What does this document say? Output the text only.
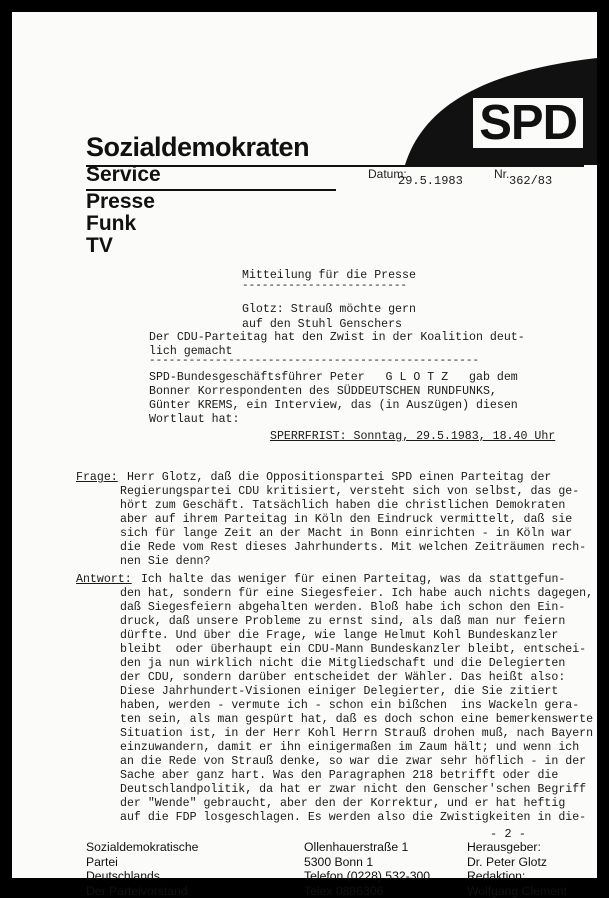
SPD
Sozialdemokraten
Service
Presse
Funk
TV
Datum:
29.5.1983	Nr. 362/83
Mitteilung für die Presse
-------------------------
Glotz: Strauß möchte gern
auf den Stuhl Genschers
Der CDU-Parteitag hat den Zwist in der Koalition deut-
lich gemacht
--------------------------------------------------
SPD-Bundesgeschäftsführer Peter   G L O T Z   gab dem
Bonner Korrespondenten des SÜDDEUTSCHEN RUNDFUNKS,
Günter KREMS, ein Interview, das (in Auszügen) diesen
Wortlaut hat:
SPERRFRIST: Sonntag, 29.5.1983, 18.40 Uhr
Frage: Herr Glotz, daß die Oppositionspartei SPD einen Parteitag der
Regierungspartei CDU kritisiert, versteht sich von selbst, das ge-
hört zum Geschäft. Tatsächlich haben die christlichen Demokraten
aber auf ihrem Parteitag in Köln den Eindruck vermittelt, daß sie
sich für lange Zeit an der Macht in Bonn einrichten - in Köln war
die Rede vom Rest dieses Jahrhunderts. Mit welchen Zeiträumen rech-
nen Sie denn?
Antwort: Ich halte das weniger für einen Parteitag, was da stattgefun-
den hat, sondern für eine Siegesfeier. Ich habe auch nichts dagegen,
daß Siegesfeiern abgehalten werden. Bloß habe ich schon den Ein-
druck, daß unsere Probleme zu ernst sind, als daß man nur feiern
dürfte. Und über die Frage, wie lange Helmut Kohl Bundeskanzler
bleibt  oder überhaupt ein CDU-Mann Bundeskanzler bleibt, entschei-
den ja nun wirklich nicht die Mitgliedschaft und die Delegierten
der CDU, sondern darüber entscheidet der Wähler. Das heißt also:
Diese Jahrhundert-Visionen einiger Delegierter, die Sie zitiert
haben, werden - vermute ich - schon ein bißchen  ins Wackeln gera-
ten sein, als man gespürt hat, daß es doch schon eine bemerkenswerte
Situation ist, in der Herr Kohl Herrn Strauß drohen muß, nach Bayern
einzuwandern, damit er ihn einigermaßen im Zaum hält; und wenn ich
an die Rede von Strauß denke, so war die zwar sehr höflich - in der
Sache aber ganz hart. Was den Paragraphen 218 betrifft oder die
Deutschlandpolitik, da hat er zwar nicht den Genscher'schen Begriff
der "Wende" gebraucht, aber den der Korrektur, und er hat heftig
auf die FDP losgeschlagen. Es werden also die Zwistigkeiten in die-
- 2 -
Sozialdemokratische
Partei
Deutschlands
Der Parteivorstand
Ollenhauerstraße 1
5300 Bonn 1
Telefon (0228) 532-300
Telex 0886306
Herausgeber:
Dr. Peter Glotz
Redaktion:
Wolfgang Clement
